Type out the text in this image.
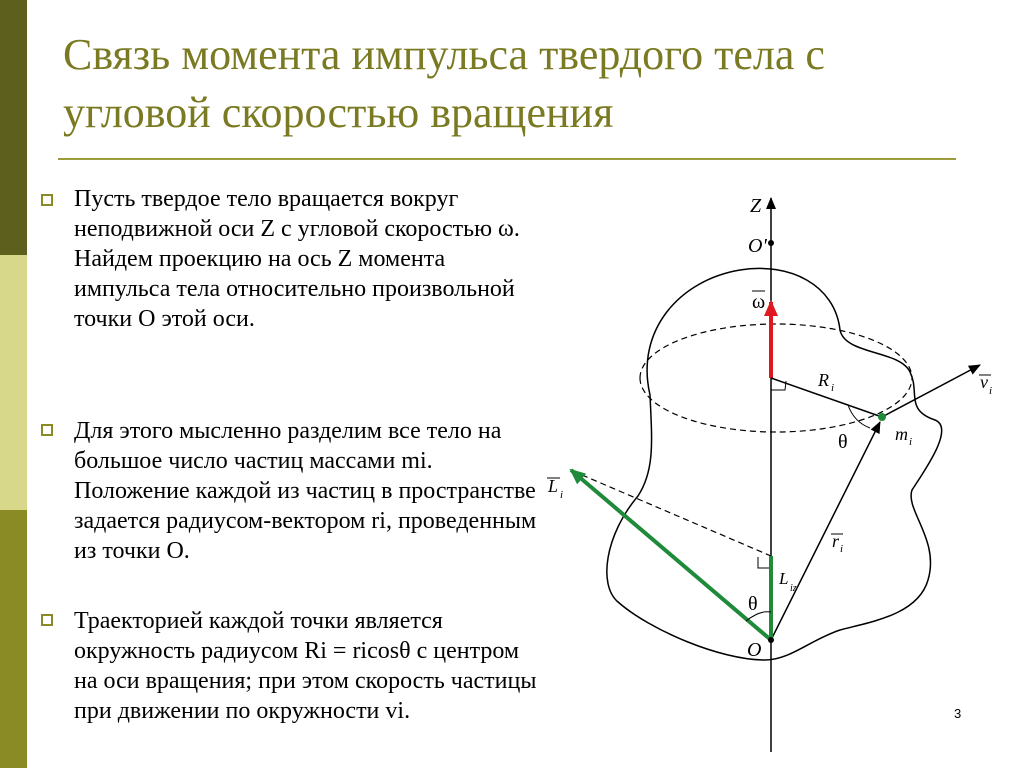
Связь момента импульса твердого тела с угловой скоростью вращения
Пусть твердое тело вращается вокруг неподвижной оси Z с угловой скоростью ω. Найдем проекцию на ось Z момента импульса тела относительно произвольной точки O этой оси.
Для этого мысленно разделим все тело на большое число частиц массами mi. Положение каждой из частиц в пространстве задается радиусом-вектором ri, проведенным из точки O.
Траекторией каждой точки является окружность радиусом Ri = ricosθ с центром на оси вращения; при этом скорость частицы при движении по окружности vi.
Z
O'
ω
R i	v i
m i
θ
L i
r i
L
iz
θ
O
3
